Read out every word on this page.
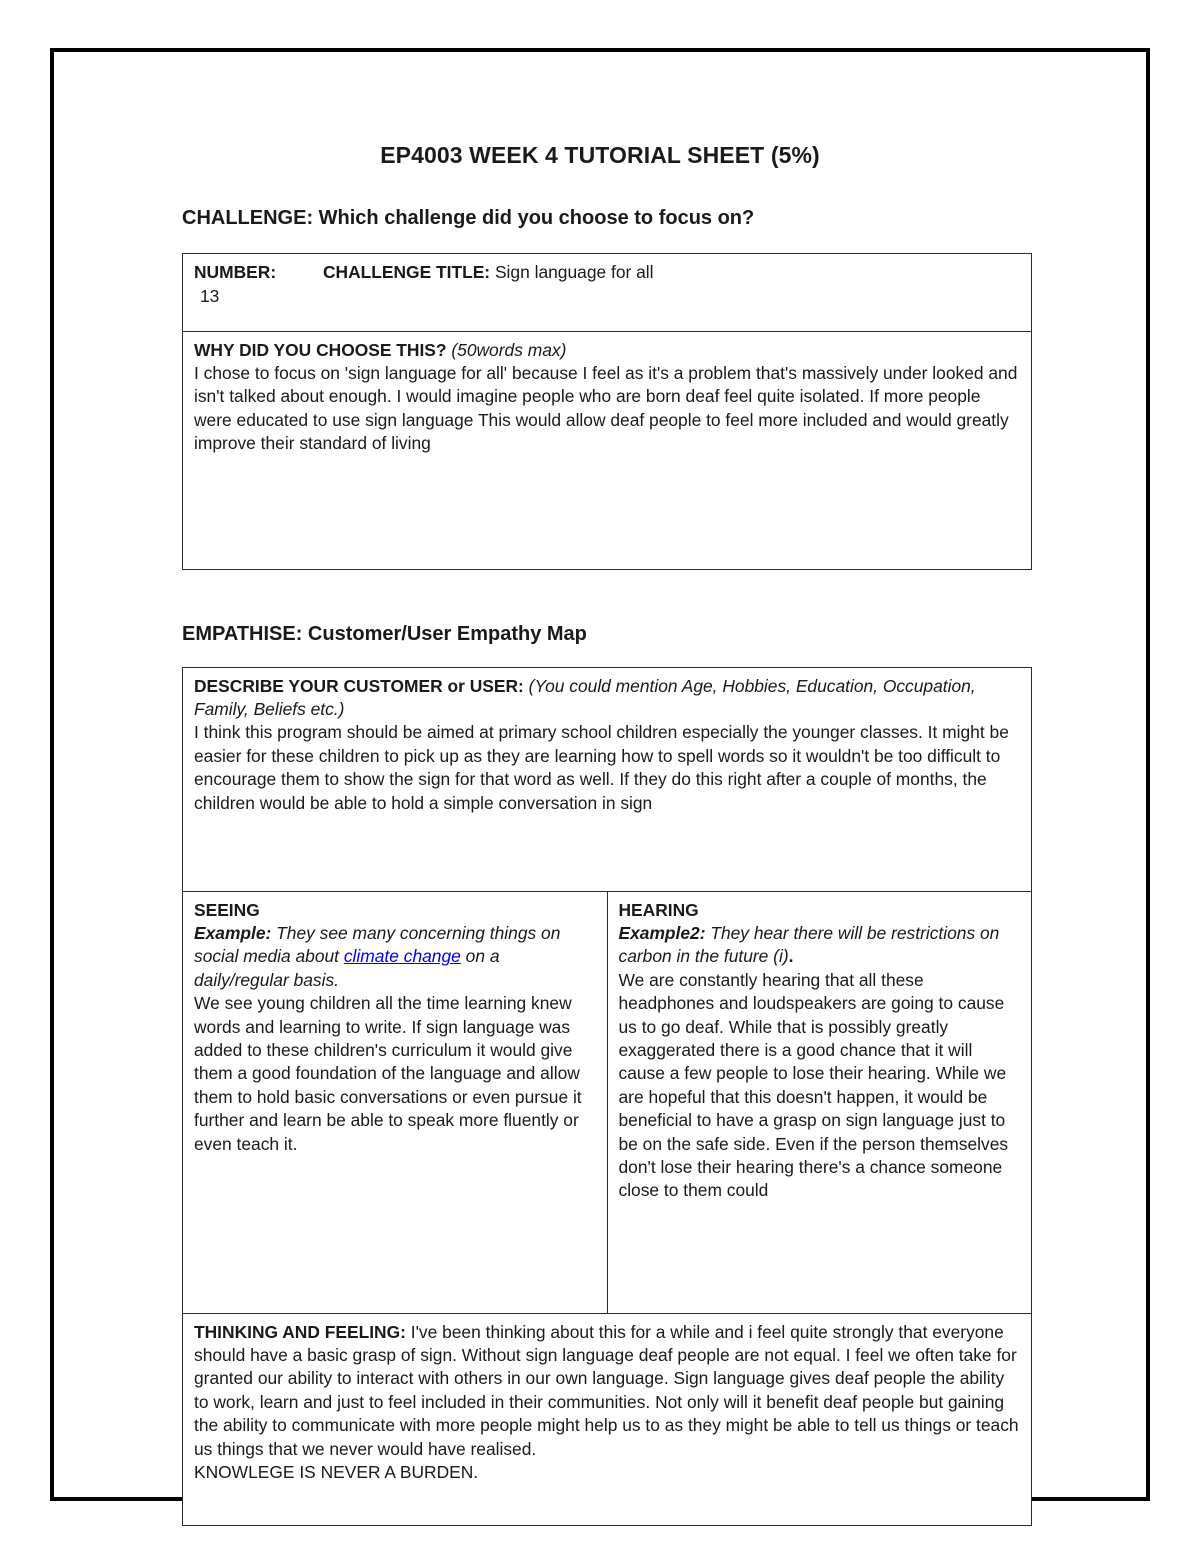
EP4003 WEEK 4 TUTORIAL SHEET (5%)
CHALLENGE: Which challenge did you choose to focus on?
NUMBER:	CHALLENGE TITLE: Sign language for all
13

WHY DID YOU CHOOSE THIS? (50words max)
I chose to focus on 'sign language for all' because I feel as it's a problem that's massively under looked and isn't talked about enough. I would imagine people who are born deaf feel quite isolated. If more people were educated to use sign language This would allow deaf people to feel more included and would greatly improve their standard of living
EMPATHISE: Customer/User Empathy Map
DESCRIBE YOUR CUSTOMER or USER: (You could mention Age, Hobbies, Education, Occupation, Family, Beliefs etc.)
I think this program should be aimed at primary school children especially the younger classes. It might be easier for these children to pick up as they are learning how to spell words so it wouldn't be too difficult to encourage them to show the sign for that word as well. If they do this right after a couple of months, the children would be able to hold a simple conversation in sign

SEEING
Example: They see many concerning things on social media about climate change on a daily/regular basis.
We see young children all the time learning knew words and learning to write. If sign language was added to these children's curriculum it would give them a good foundation of the language and allow them to hold basic conversations or even pursue it further and learn be able to speak more fluently or even teach it.

HEARING
Example2: They hear there will be restrictions on carbon in the future (i).
We are constantly hearing that all these headphones and loudspeakers are going to cause us to go deaf. While that is possibly greatly exaggerated there is a good chance that it will cause a few people to lose their hearing. While we are hopeful that this doesn't happen, it would be beneficial to have a grasp on sign language just to be on the safe side. Even if the person themselves don't lose their hearing there's a chance someone close to them could

THINKING AND FEELING: I've been thinking about this for a while and i feel quite strongly that everyone should have a basic grasp of sign. Without sign language deaf people are not equal. I feel we often take for granted our ability to interact with others in our own language. Sign language gives deaf people the ability to work, learn and just to feel included in their communities. Not only will it benefit deaf people but gaining the ability to communicate with more people might help us to as they might be able to tell us things or teach us things that we never would have realised.
KNOWLEGE IS NEVER A BURDEN.
